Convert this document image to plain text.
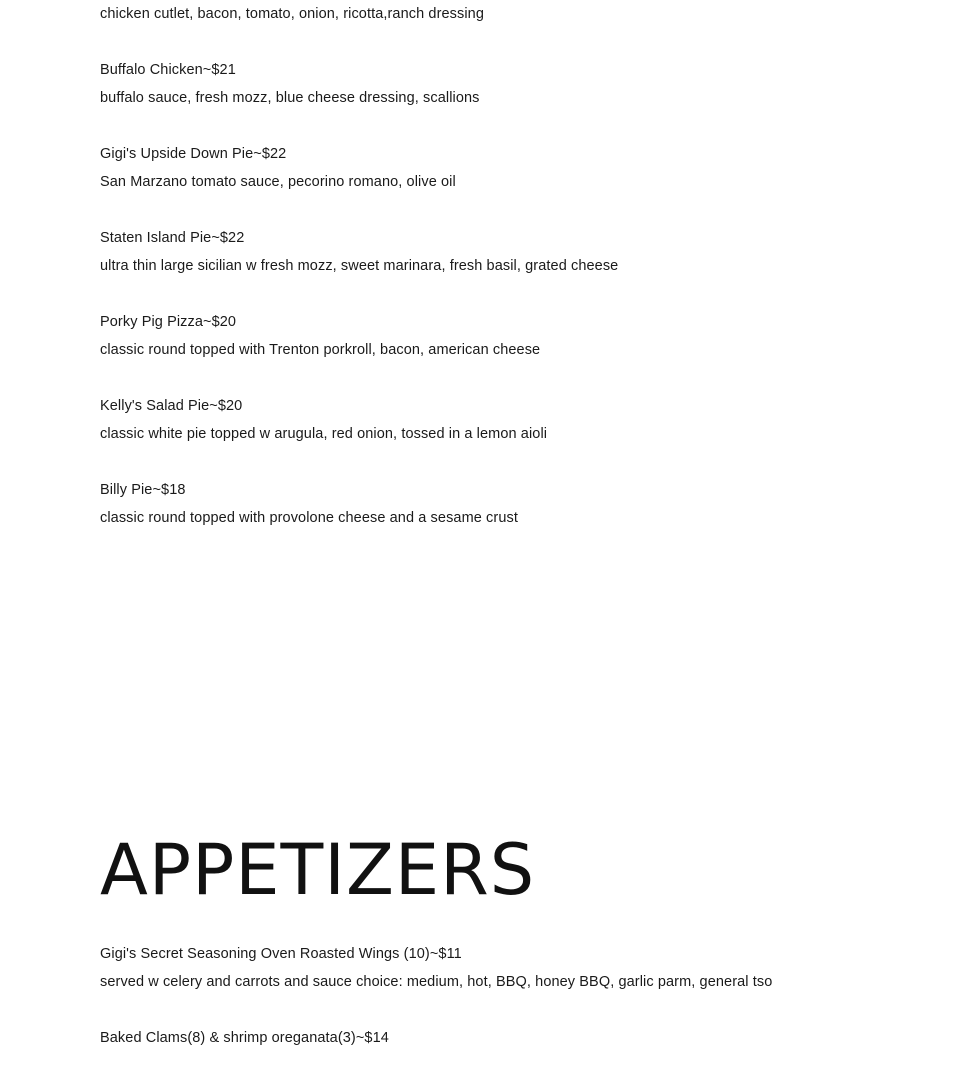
chicken cutlet, bacon, tomato, onion, ricotta,ranch dressing
Buffalo Chicken~$21
buffalo sauce, fresh mozz, blue cheese dressing, scallions
Gigi's Upside Down Pie~$22
San Marzano tomato sauce, pecorino romano, olive oil
Staten Island Pie~$22
ultra thin large sicilian w fresh mozz, sweet marinara, fresh basil, grated cheese
Porky Pig Pizza~$20
classic round topped with Trenton porkroll, bacon, american cheese
Kelly's Salad Pie~$20
classic white pie topped w arugula, red onion, tossed in a lemon aioli
Billy Pie~$18
classic round topped with provolone cheese and a sesame crust
APPETIZERS
Gigi's Secret Seasoning Oven Roasted Wings (10)~$11
served w celery and carrots and sauce choice: medium, hot, BBQ, honey BBQ, garlic parm, general tso
Baked Clams(8) & shrimp oreganata(3)~$14
